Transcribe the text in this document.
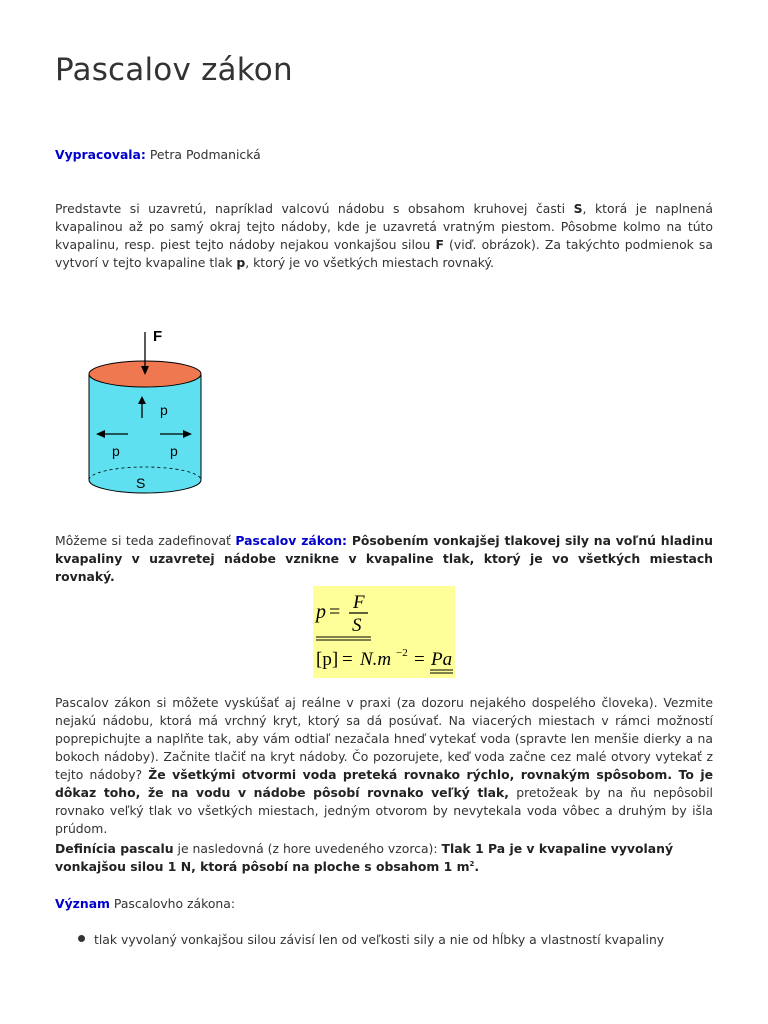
Pascalov zákon

Vypracovala: Petra Podmanická

Predstavte si uzavretú, napríklad valcovú nádobu s obsahom kruhovej časti S, ktorá je naplnená kvapalinou až po samý okraj tejto nádoby, kde je uzavretá vratným piestom. Pôsobme kolmo na túto kvapalinu, resp. piest tejto nádoby nejakou vonkajšou silou F (viď. obrázok). Za takýchto podmienok sa vytvorí v tejto kvapaline tlak p, ktorý je vo všetkých miestach rovnaký.

F
p
p	p
S

Môžeme si teda zadefinovať Pascalov zákon: Pôsobením vonkajšej tlakovej sily na voľnú hladinu kvapaliny v uzavretej nádobe vznikne v kvapaline tlak, ktorý je vo všetkých miestach rovnaký.

p = F
S
[p] = N.m −2 = Pa

Pascalov zákon si môžete vyskúšať aj reálne v praxi (za dozoru nejakého dospelého človeka). Vezmite nejakú nádobu, ktorá má vrchný kryt, ktorý sa dá posúvať. Na viacerých miestach v rámci možností poprepichujte a naplňte tak, aby vám odtiaľ nezačala hneď vytekať voda (spravte len menšie dierky a na bokoch nádoby). Začnite tlačiť na kryt nádoby. Čo pozorujete, keď voda začne cez malé otvory vytekať z tejto nádoby? Že všetkými otvormi voda preteká rovnako rýchlo, rovnakým spôsobom. To je dôkaz toho, že na vodu v nádobe pôsobí rovnako veľký tlak, pretožeak by na ňu nepôsobil rovnako veľký tlak vo všetkých miestach, jedným otvorom by nevytekala voda vôbec a druhým by išla prúdom.

Definícia pascalu je nasledovná (z hore uvedeného vzorca): Tlak 1 Pa je v kvapaline vyvolaný vonkajšou silou 1 N, ktorá pôsobí na ploche s obsahom 1 $m^2$.

Význam Pascalovho zákona:

tlak vyvolaný vonkajšou silou závisí len od veľkosti sily a nie od hĺbky a vlastností kvapaliny
